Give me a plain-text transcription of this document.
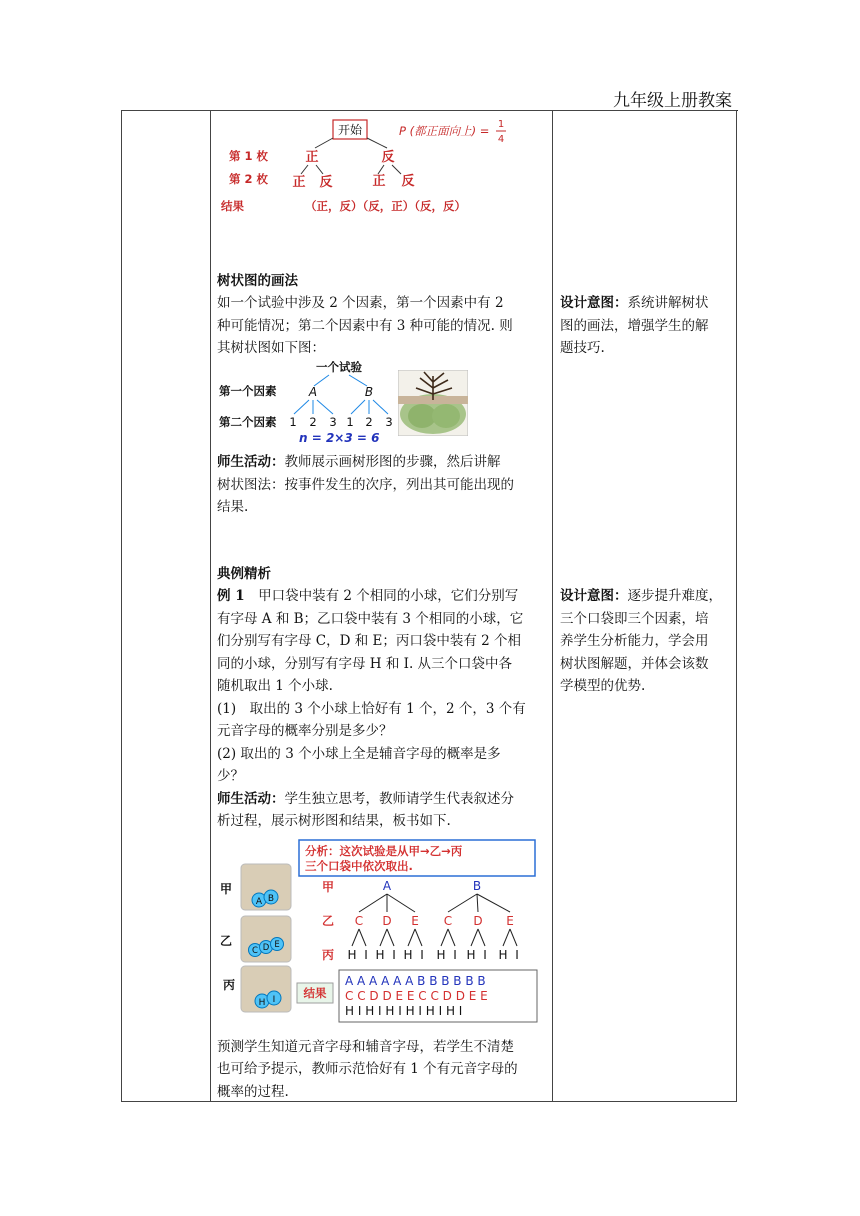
九年级上册教案
开始	P (都正面向上) = 1
4
第 1 枚	正	反
第 2 枚 正 反	正 反
结果	（正，反）（反，正）（反，反）
树状图的画法
如一个试验中涉及 2 个因素，第一个因素中有 2
种可能情况；第二个因素中有 3 种可能的情况. 则
其树状图如下图：
一个试验
第一个因素	A	B
第二个因素 1 2 3 1 2 3
n = 2×3 = 6
师生活动：教师展示画树形图的步骤，然后讲解
树状图法：按事件发生的次序，列出其可能出现的
结果.
设计意图：系统讲解树状
图的画法，增强学生的解
题技巧.
典例精析
例 1　 甲口袋中装有 2 个相同的小球，它们分别写
有字母 A 和 B；乙口袋中装有 3 个相同的小球，它
们分别写有字母 C，D 和 E；丙口袋中装有 2 个相
同的小球，分别写有字母 H 和 I. 从三个口袋中各
随机取出 1 个小球.
(1)　取出的 3 个小球上恰好有 1 个，2 个，3 个有
元音字母的概率分别是多少？
(2) 取出的 3 个小球上全是辅音字母的概率是多
少？
师生活动：学生独立思考，教师请学生代表叙述分
析过程，展示树形图和结果，板书如下.
设计意图：逐步提升难度，
三个口袋即三个因素，培
养学生分析能力，学会用
树状图解题，并体会该数
学模型的优势.
分析：这次试验是从甲→乙→丙
三个口袋中依次取出.
甲
A B
乙
C D E
丙
H I
甲
乙
丙
A	B
C D E C D E
H I H I H I H I H I H I
结果
A A A A A A B B B B B B
C C D D E E C C D D E E
H I H I H I H I H I H I
预测学生知道元音字母和辅音字母，若学生不清楚
也可给予提示，教师示范恰好有 1 个有元音字母的
概率的过程.
